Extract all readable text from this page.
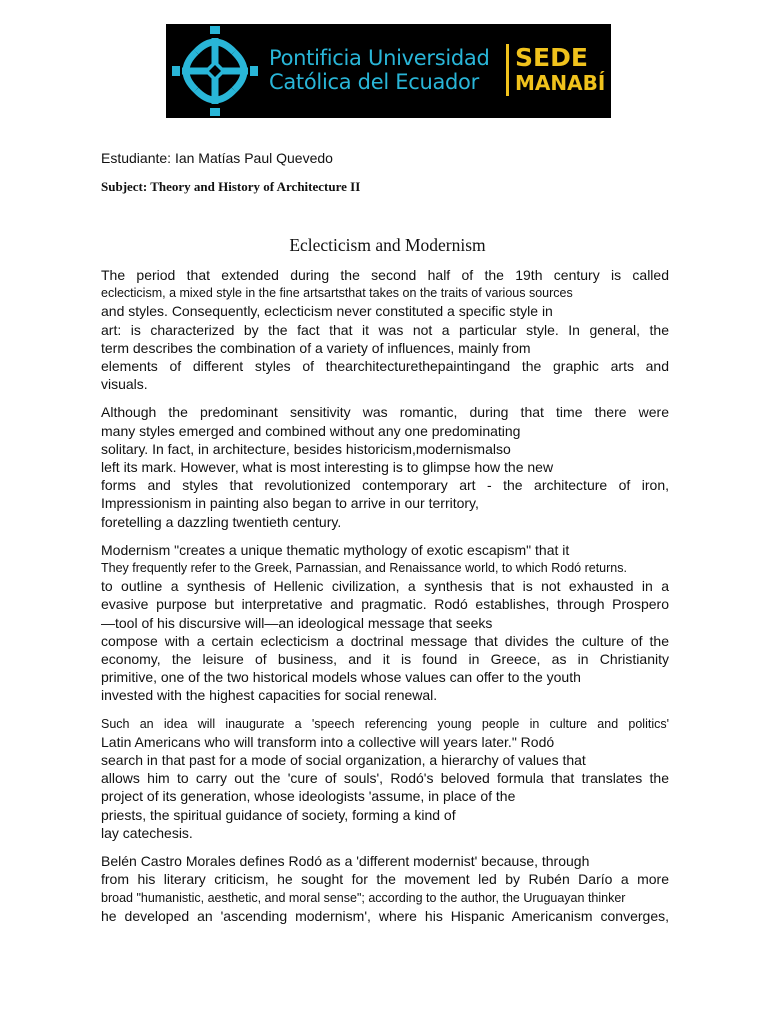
Pontificia Universidad
Católica del Ecuador
SEDE
MANABÍ
Estudiante: Ian Matías Paul Quevedo
Subject: Theory and History of Architecture II
Eclecticism and Modernism
The period that extended during the second half of the 19th century is called
eclecticism, a mixed style in the fine artsartsthat takes on the traits of various sources
and styles. Consequently, eclecticism never constituted a specific style in
art: is characterized by the fact that it was not a particular style. In general, the
term describes the combination of a variety of influences, mainly from
elements of different styles of thearchitecturethepaintingand the graphic arts and
visuals.
Although the predominant sensitivity was romantic, during that time there were
many styles emerged and combined without any one predominating
solitary. In fact, in architecture, besides historicism,modernismalso
left its mark. However, what is most interesting is to glimpse how the new
forms and styles that revolutionized contemporary art - the architecture of iron,
Impressionism in painting also began to arrive in our territory,
foretelling a dazzling twentieth century.
Modernism "creates a unique thematic mythology of exotic escapism" that it
They frequently refer to the Greek, Parnassian, and Renaissance world, to which Rodó returns.
to outline a synthesis of Hellenic civilization, a synthesis that is not exhausted in a
evasive purpose but interpretative and pragmatic. Rodó establishes, through Prospero
—tool of his discursive will—an ideological message that seeks
compose with a certain eclecticism a doctrinal message that divides the culture of the
economy, the leisure of business, and it is found in Greece, as in Christianity
primitive, one of the two historical models whose values can offer to the youth
invested with the highest capacities for social renewal.
Such an idea will inaugurate a 'speech referencing young people in culture and politics'
Latin Americans who will transform into a collective will years later." Rodó
search in that past for a mode of social organization, a hierarchy of values that
allows him to carry out the 'cure of souls', Rodó's beloved formula that translates the
project of its generation, whose ideologists 'assume, in place of the
priests, the spiritual guidance of society, forming a kind of
lay catechesis.
Belén Castro Morales defines Rodó as a 'different modernist' because, through
from his literary criticism, he sought for the movement led by Rubén Darío a more
broad "humanistic, aesthetic, and moral sense"; according to the author, the Uruguayan thinker
he developed an 'ascending modernism', where his Hispanic Americanism converges,
